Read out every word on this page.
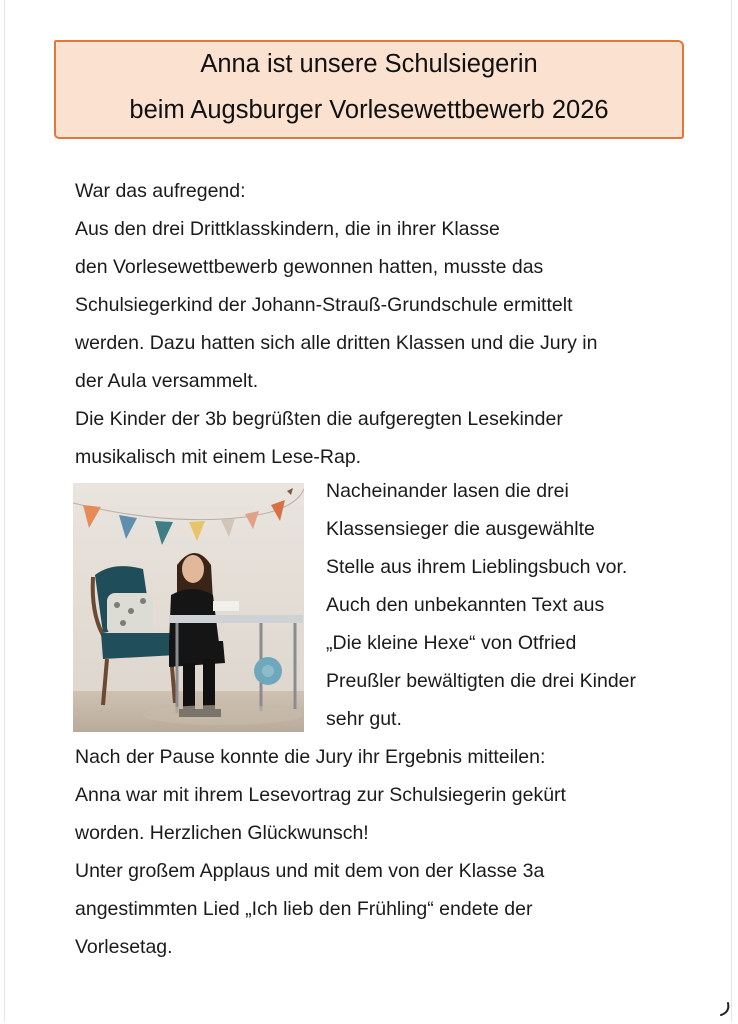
Anna ist unsere Schulsiegerin
beim Augsburger Vorlesewettbewerb 2026
War das aufregend:
Aus den drei Drittklasskindern, die in ihrer Klasse
den Vorlesewettbewerb gewonnen hatten, musste das
Schulsiegerkind der Johann-Strauß-Grundschule ermittelt
werden. Dazu hatten sich alle dritten Klassen und die Jury in
der Aula versammelt.
Die Kinder der 3b begrüßten die aufgeregten Lesekinder
musikalisch mit einem Lese-Rap.
Nacheinander lasen die drei
Klassensieger die ausgewählte
Stelle aus ihrem Lieblingsbuch vor.
Auch den unbekannten Text aus
„Die kleine Hexe“ von Otfried
Preußler bewältigten die drei Kinder
sehr gut.
Nach der Pause konnte die Jury ihr Ergebnis mitteilen:
Anna war mit ihrem Lesevortrag zur Schulsiegerin gekürt
worden. Herzlichen Glückwunsch!
Unter großem Applaus und mit dem von der Klasse 3a
angestimmten Lied „Ich lieb den Frühling“ endete der
Vorlesetag.
